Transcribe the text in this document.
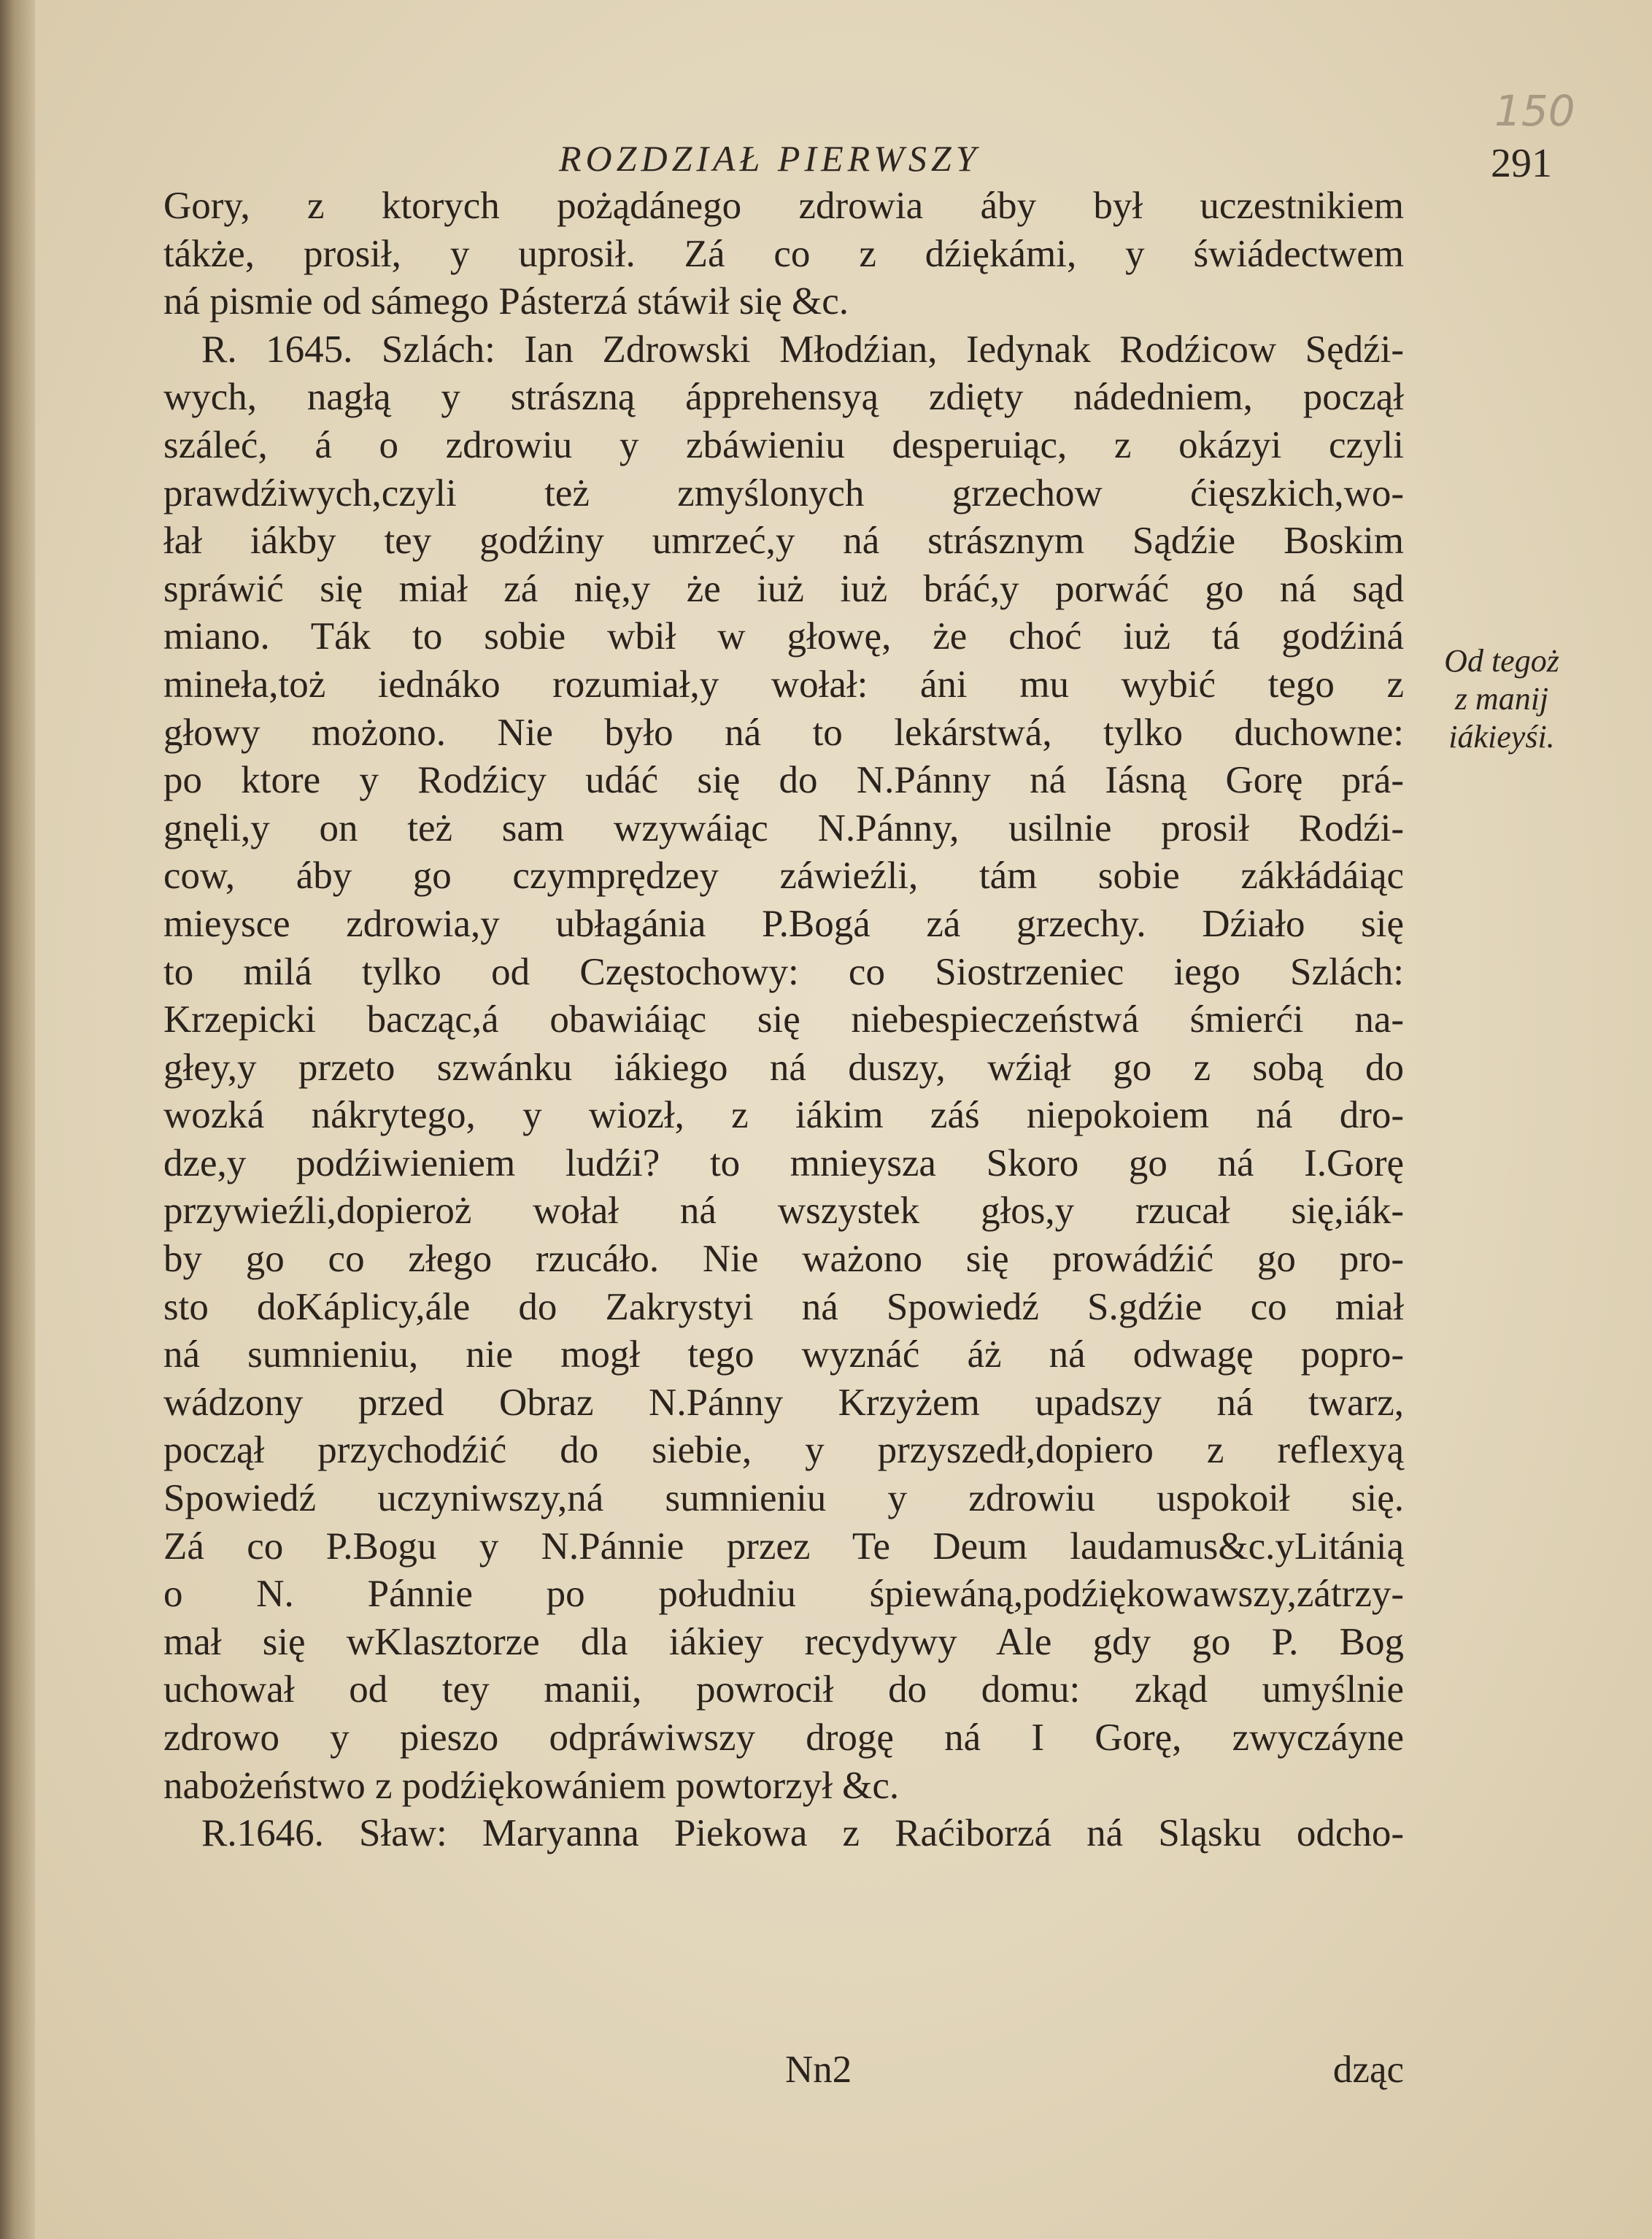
150
ROZDZIAŁ PIERWSZY	291
Gory, z ktorych pożądánego zdrowia áby był uczestnikiem
tákże, prosił, y uprosił. Zá co z dźiękámi, y świádectwem
ná pismie od sámego Pásterzá stáwił się &c.
R. 1645. Szlách: Ian Zdrowski Młodźian, Iedynak Rodźicow Sędźi-
wych, nagłą y strászną ápprehensyą zdięty nádedniem, począł
száleć, á o zdrowiu y zbáwieniu desperuiąc, z okázyi czyli
prawdźiwych,czyli też zmyślonych grzechow ćięszkich,wo-
łał iákby tey godźiny umrzeć,y ná strásznym Sądźie Boskim
spráwić się miał zá nię,y że iuż iuż bráć,y porwáć go ná sąd
miano. Ták to sobie wbił w głowę, że choć iuż tá godźiná
mineła,toż iednáko rozumiał,y wołał: áni mu wybić tego z
głowy możono. Nie było ná to lekárstwá, tylko duchowne:
po ktore y Rodźicy udáć się do N.Pánny ná Iásną Gorę prá-
gnęli,y on też sam wzywáiąc N.Pánny, usilnie prosił Rodźi-
cow, áby go czymprędzey záwieźli, tám sobie zákłádáiąc
mieysce zdrowia,y ubłagánia P.Bogá zá grzechy. Dźiało się
to milá tylko od Częstochowy: co Siostrzeniec iego Szlách:
Krzepicki bacząc,á obawiáiąc się niebespieczeństwá śmierći na-
głey,y przeto szwánku iákiego ná duszy, wźiął go z sobą do
wozká nákrytego, y wiozł, z iákim záś niepokoiem ná dro-
dze,y podźiwieniem ludźi? to mnieysza Skoro go ná I.Gorę
przywieźli,dopieroż wołał ná wszystek głos,y rzucał się,iák-
by go co złego rzucáło. Nie ważono się prowádźić go pro-
sto doKáplicy,ále do Zakrystyi ná Spowiedź S.gdźie co miał
ná sumnieniu, nie mogł tego wyznáć áż ná odwagę popro-
wádzony przed Obraz N.Pánny Krzyżem upadszy ná twarz,
począł przychodźić do siebie, y przyszedł,dopiero z reflexyą
Spowiedź uczyniwszy,ná sumnieniu y zdrowiu uspokoił się.
Zá co P.Bogu y N.Pánnie przez Te Deum laudamus&c.yLitánią
o N. Pánnie po południu śpiewáną,podźiękowawszy,zátrzy-
mał się wKlasztorze dla iákiey recydywy Ale gdy go P. Bog
uchował od tey manii, powrocił do domu: zkąd umyślnie
zdrowo y pieszo odpráwiwszy drogę ná I Gorę, zwyczáyne
nabożeństwo z podźiękowániem powtorzył &c.
R.1646. Sław: Maryanna Piekowa z Raćiborzá ná Sląsku odcho-
Od tegoż
z manij
iákieyśi.
Nn2	dząc
